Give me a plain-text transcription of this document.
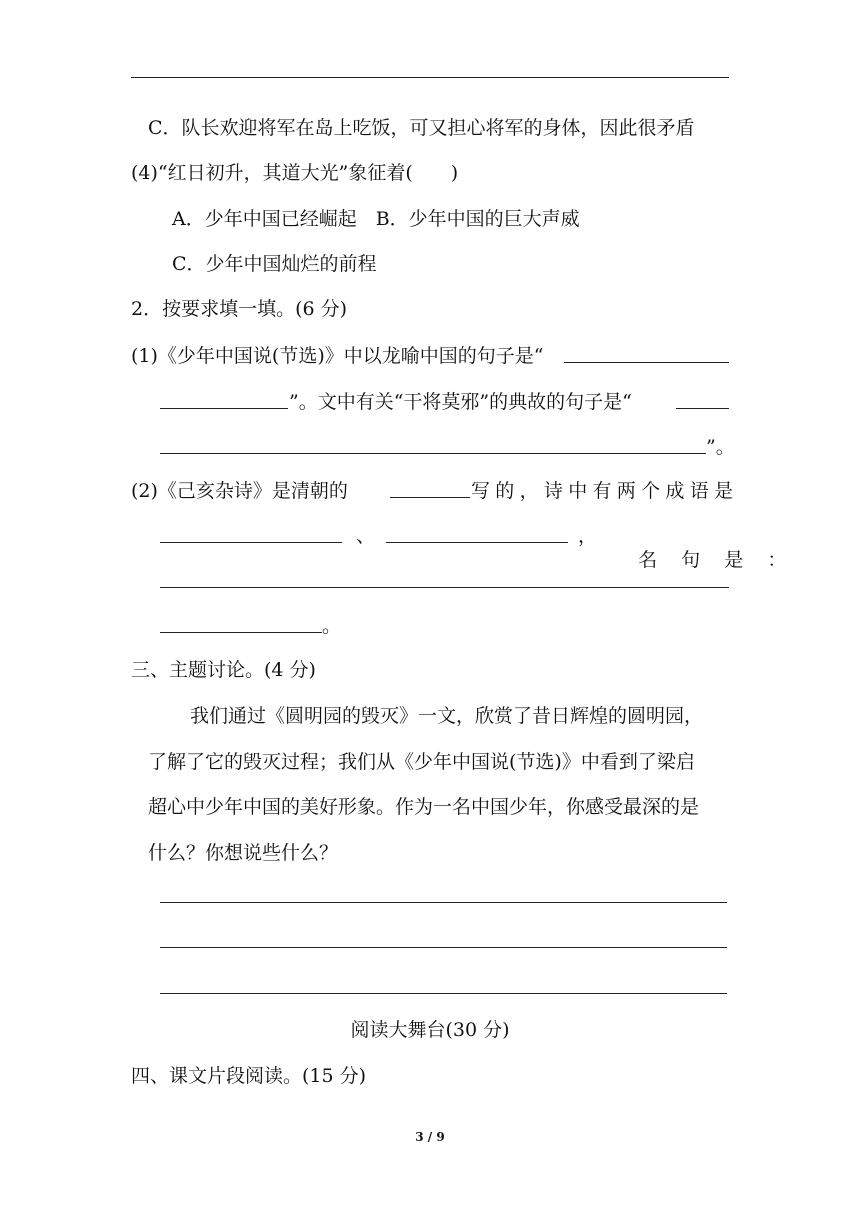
C．队长欢迎将军在岛上吃饭，可又担心将军的身体，因此很矛盾
(4)“红日初升，其道大光”象征着(　　)
A．少年中国已经崛起　B．少年中国的巨大声威
C．少年中国灿烂的前程
2．按要求填一填。(6 分)
(1)《少年中国说(节选)》中以龙喻中国的句子是“
”。文中有关“干将莫邪”的典故的句子是“
”。
(2)《己亥杂诗》是清朝的	写的，诗中有两个成语是
、	，

名  句  是  ：

。
三、主题讨论。(4 分)
我们通过《圆明园的毁灭》一文，欣赏了昔日辉煌的圆明园，
了解了它的毁灭过程；我们从《少年中国说(节选)》中看到了梁启
超心中少年中国的美好形象。作为一名中国少年，你感受最深的是
什么？你想说些什么？
阅读大舞台(30 分)
四、课文片段阅读。(15 分)
3 / 9
